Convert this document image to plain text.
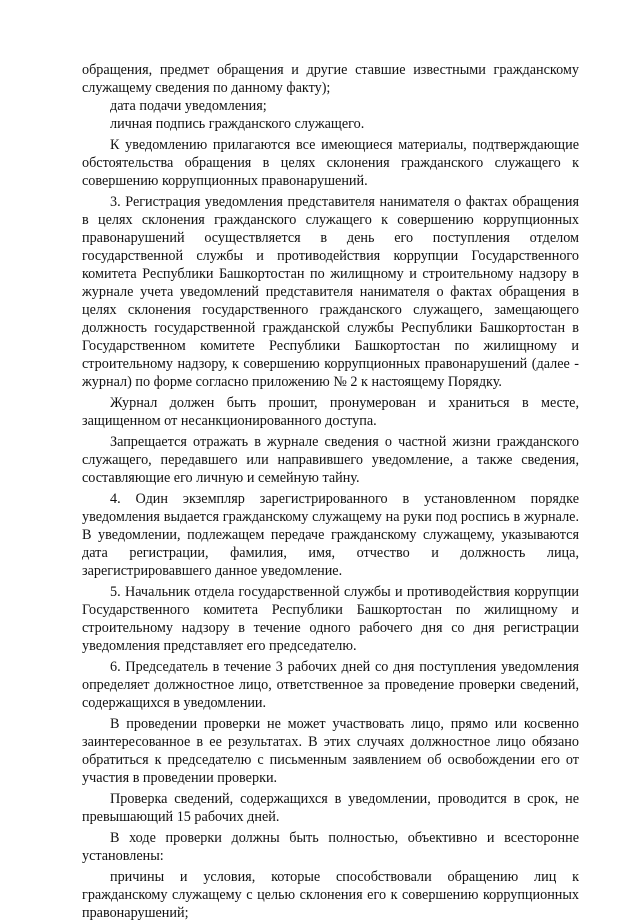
обращения, предмет обращения и другие ставшие известными гражданскому служащему сведения по данному факту);

дата подачи уведомления;

личная подпись гражданского служащего.

К уведомлению прилагаются все имеющиеся материалы, подтверждающие обстоятельства обращения в целях склонения гражданского служащего к совершению коррупционных правонарушений.

3. Регистрация уведомления представителя нанимателя о фактах обращения в целях склонения гражданского служащего к совершению коррупционных правонарушений осуществляется в день его поступления отделом государственной службы и противодействия коррупции Государственного комитета Республики Башкортостан по жилищному и строительному надзору в журнале учета уведомлений представителя нанимателя о фактах обращения в целях склонения государственного гражданского служащего, замещающего должность государственной гражданской службы Республики Башкортостан в Государственном комитете Республики Башкортостан по жилищному и строительному надзору, к совершению коррупционных правонарушений (далее - журнал) по форме согласно приложению № 2 к настоящему Порядку.

Журнал должен быть прошит, пронумерован и храниться в месте, защищенном от несанкционированного доступа.

Запрещается отражать в журнале сведения о частной жизни гражданского служащего, передавшего или направившего уведомление, а также сведения, составляющие его личную и семейную тайну.

4. Один экземпляр зарегистрированного в установленном порядке уведомления выдается гражданскому служащему на руки под роспись в журнале. В уведомлении, подлежащем передаче гражданскому служащему, указываются дата регистрации, фамилия, имя, отчество и должность лица, зарегистрировавшего данное уведомление.

5. Начальник отдела государственной службы и противодействия коррупции Государственного комитета Республики Башкортостан по жилищному и строительному надзору в течение одного рабочего дня со дня регистрации уведомления представляет его председателю.

6. Председатель в течение 3 рабочих дней со дня поступления уведомления определяет должностное лицо, ответственное за проведение проверки сведений, содержащихся в уведомлении.

В проведении проверки не может участвовать лицо, прямо или косвенно заинтересованное в ее результатах. В этих случаях должностное лицо обязано обратиться к председателю с письменным заявлением об освобождении его от участия в проведении проверки.

Проверка сведений, содержащихся в уведомлении, проводится в срок, не превышающий 15 рабочих дней.

В ходе проверки должны быть полностью, объективно и всесторонне установлены:

причины и условия, которые способствовали обращению лиц к гражданскому служащему с целью склонения его к совершению коррупционных правонарушений;
